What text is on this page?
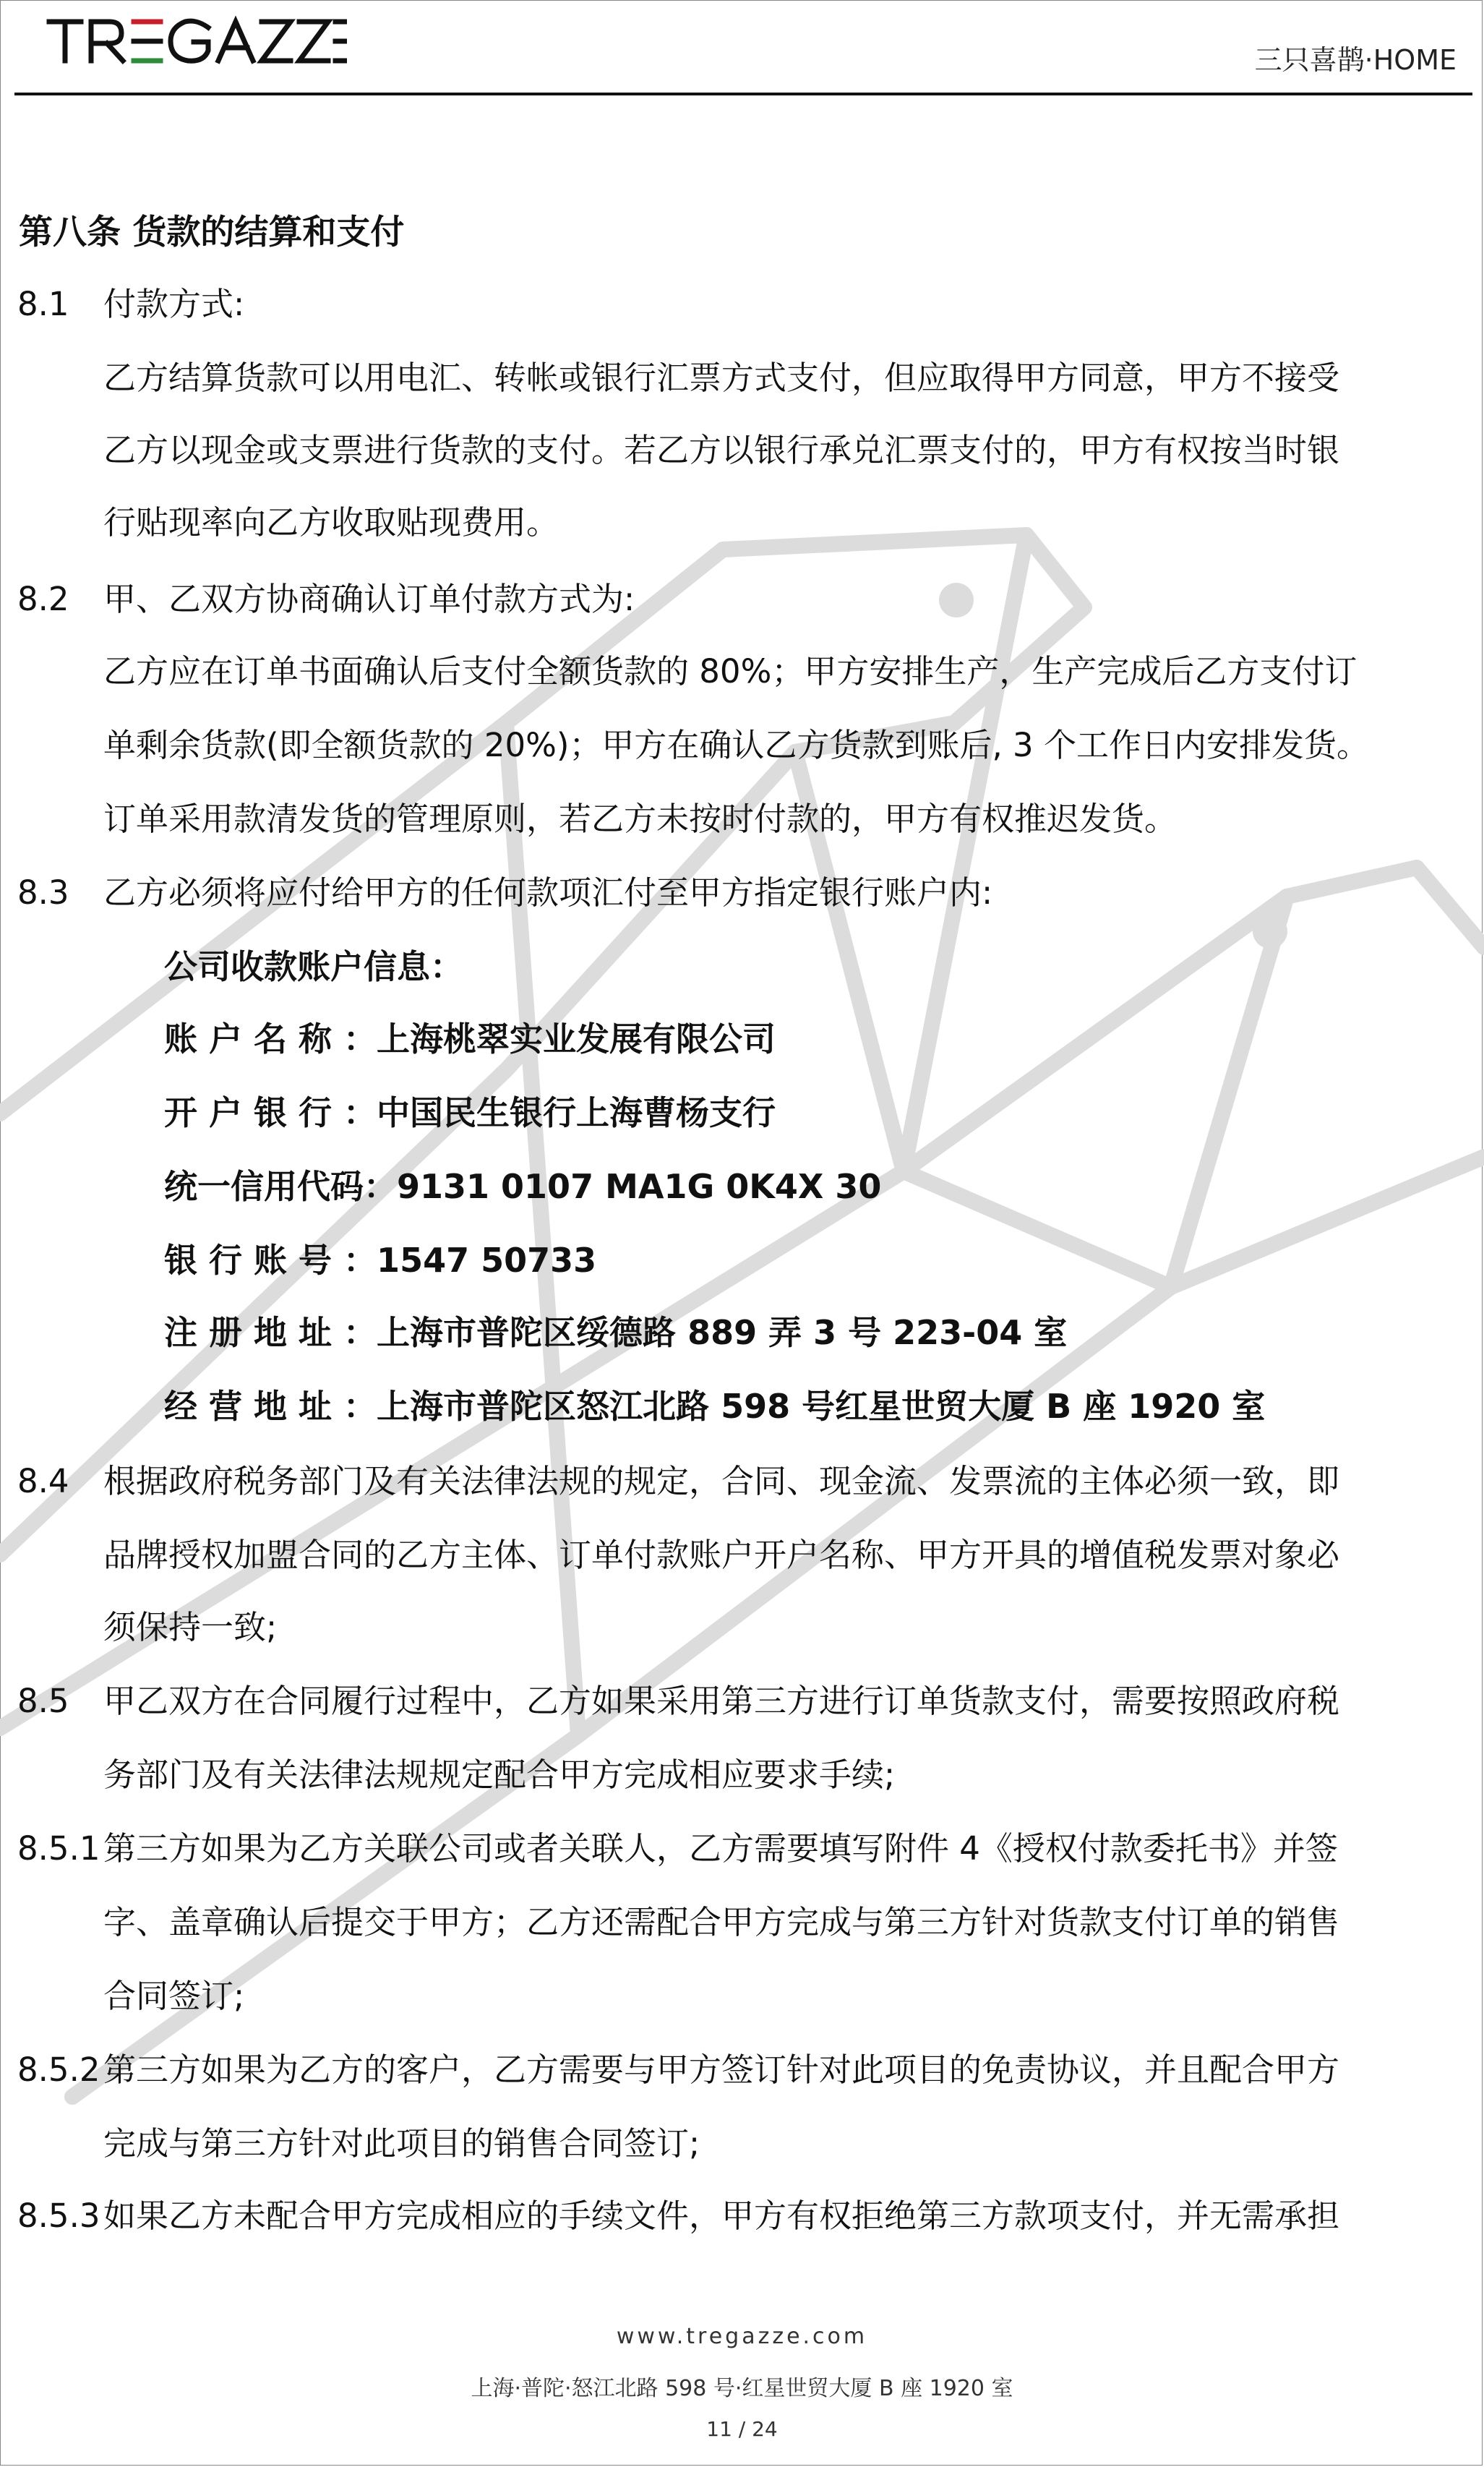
三只喜鹊·HOME
第八条 货款的结算和支付
8.1 付款方式:
乙方结算货款可以用电汇、转帐或银行汇票方式支付，但应取得甲方同意，甲方不接受
乙方以现金或支票进行货款的支付。若乙方以银行承兑汇票支付的，甲方有权按当时银
行贴现率向乙方收取贴现费用。
8.2 甲、乙双方协商确认订单付款方式为:
乙方应在订单书面确认后支付全额货款的 80%；甲方安排生产，生产完成后乙方支付订
单剩余货款(即全额货款的 20%)；甲方在确认乙方货款到账后, 3 个工作日内安排发货。
订单采用款清发货的管理原则，若乙方未按时付款的，甲方有权推迟发货。
8.3 乙方必须将应付给甲方的任何款项汇付至甲方指定银行账户内:
公司收款账户信息：
账 户 名 称 ：上海桃翠实业发展有限公司
开 户 银 行 ：中国民生银行上海曹杨支行
统一信用代码：9131 0107 MA1G 0K4X 30
银 行 账 号 ：1547 50733
注 册 地 址 ：上海市普陀区绥德路 889 弄 3 号 223-04 室
经 营 地 址 ：上海市普陀区怒江北路 598 号红星世贸大厦 B 座 1920 室
8.4 根据政府税务部门及有关法律法规的规定，合同、现金流、发票流的主体必须一致，即
品牌授权加盟合同的乙方主体、订单付款账户开户名称、甲方开具的增值税发票对象必
须保持一致;
8.5 甲乙双方在合同履行过程中，乙方如果采用第三方进行订单货款支付，需要按照政府税
务部门及有关法律法规规定配合甲方完成相应要求手续;
8.5.1 第三方如果为乙方关联公司或者关联人，乙方需要填写附件 4《授权付款委托书》并签
字、盖章确认后提交于甲方；乙方还需配合甲方完成与第三方针对货款支付订单的销售
合同签订;
8.5.2 第三方如果为乙方的客户，乙方需要与甲方签订针对此项目的免责协议，并且配合甲方
完成与第三方针对此项目的销售合同签订;
8.5.3 如果乙方未配合甲方完成相应的手续文件，甲方有权拒绝第三方款项支付，并无需承担
www.tregazze.com
上海·普陀·怒江北路 598 号·红星世贸大厦 B 座 1920 室
11 / 24
